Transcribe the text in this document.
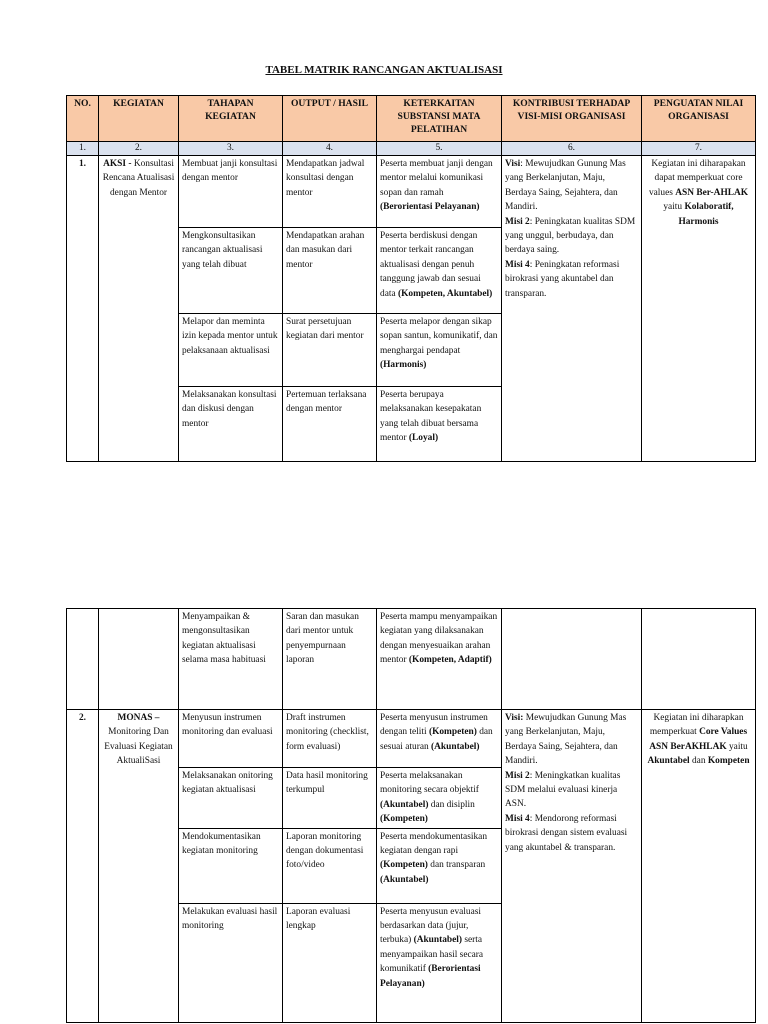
TABEL MATRIK RANCANGAN AKTUALISASI
NO.	KEGIATAN	TAHAPAN KEGIATAN	OUTPUT / HASIL	KETERKAITAN SUBSTANSI MATA PELATIHAN	KONTRIBUSI TERHADAP VISI-MISI ORGANISASI	PENGUATAN NILAI ORGANISASI
1.	2.	3.	4.	5.	6.	7.
1.	AKSI - Konsultasi Rencana Atualisasi dengan Mentor	Membuat janji konsultasi dengan mentor	Mendapatkan jadwal konsultasi dengan mentor	Peserta membuat janji dengan mentor melalui komunikasi sopan dan ramah (Berorientasi Pelayanan)	Visi: Mewujudkan Gunung Mas yang Berkelanjutan, Maju, Berdaya Saing, Sejahtera, dan Mandiri.
Misi 2: Peningkatan kualitas SDM yang unggul, berbudaya, dan berdaya saing.
Misi 4: Peningkatan reformasi birokrasi yang akuntabel dan transparan.	Kegiatan ini diharapakan dapat memperkuat core values ASN Ber-AHLAK yaitu Kolaboratif, Harmonis
		Mengkonsultasikan rancangan aktualisasi yang telah dibuat	Mendapatkan arahan dan masukan dari mentor	Peserta berdiskusi dengan mentor terkait rancangan aktualisasi dengan penuh tanggung jawab dan sesuai data (Kompeten, Akuntabel)		
		Melapor dan meminta izin kepada mentor untuk pelaksanaan aktualisasi	Surat persetujuan kegiatan dari mentor	Peserta melapor dengan sikap sopan santun, komunikatif, dan menghargai pendapat (Harmonis)		
		Melaksanakan konsultasi dan diskusi dengan mentor	Pertemuan terlaksana dengan mentor	Peserta berupaya melaksanakan kesepakatan yang telah dibuat bersama mentor (Loyal)		
		Menyampaikan & mengonsultasikan kegiatan aktualisasi selama masa habituasi	Saran dan masukan dari mentor untuk penyempurnaan laporan	Peserta mampu menyampaikan kegiatan yang dilaksanakan dengan menyesuaikan arahan mentor (Kompeten, Adaptif)		
2.	MONAS – Monitoring Dan Evaluasi Kegiatan AktualiSasi	Menyusun instrumen monitoring dan evaluasi	Draft instrumen monitoring (checklist, form evaluasi)	Peserta menyusun instrumen dengan teliti (Kompeten) dan sesuai aturan (Akuntabel)	Visi: Mewujudkan Gunung Mas yang Berkelanjutan, Maju, Berdaya Saing, Sejahtera, dan Mandiri.
Misi 2: Meningkatkan kualitas SDM melalui evaluasi kinerja ASN.
Misi 4: Mendorong reformasi birokrasi dengan sistem evaluasi yang akuntabel & transparan.	Kegiatan ini diharapkan memperkuat Core Values ASN BerAKHLAK yaitu Akuntabel dan Kompeten
		Melaksanakan onitoring kegiatan aktualisasi	Data hasil monitoring terkumpul	Peserta melaksanakan monitoring secara objektif (Akuntabel) dan disiplin (Kompeten)		
		Mendokumentasikan kegiatan monitoring	Laporan monitoring dengan dokumentasi foto/video	Peserta mendokumentasikan kegiatan dengan rapi (Kompeten) dan transparan (Akuntabel)		
		Melakukan evaluasi hasil monitoring	Laporan evaluasi lengkap	Peserta menyusun evaluasi berdasarkan data (jujur, terbuka) (Akuntabel) serta menyampaikan hasil secara komunikatif (Berorientasi Pelayanan)		
